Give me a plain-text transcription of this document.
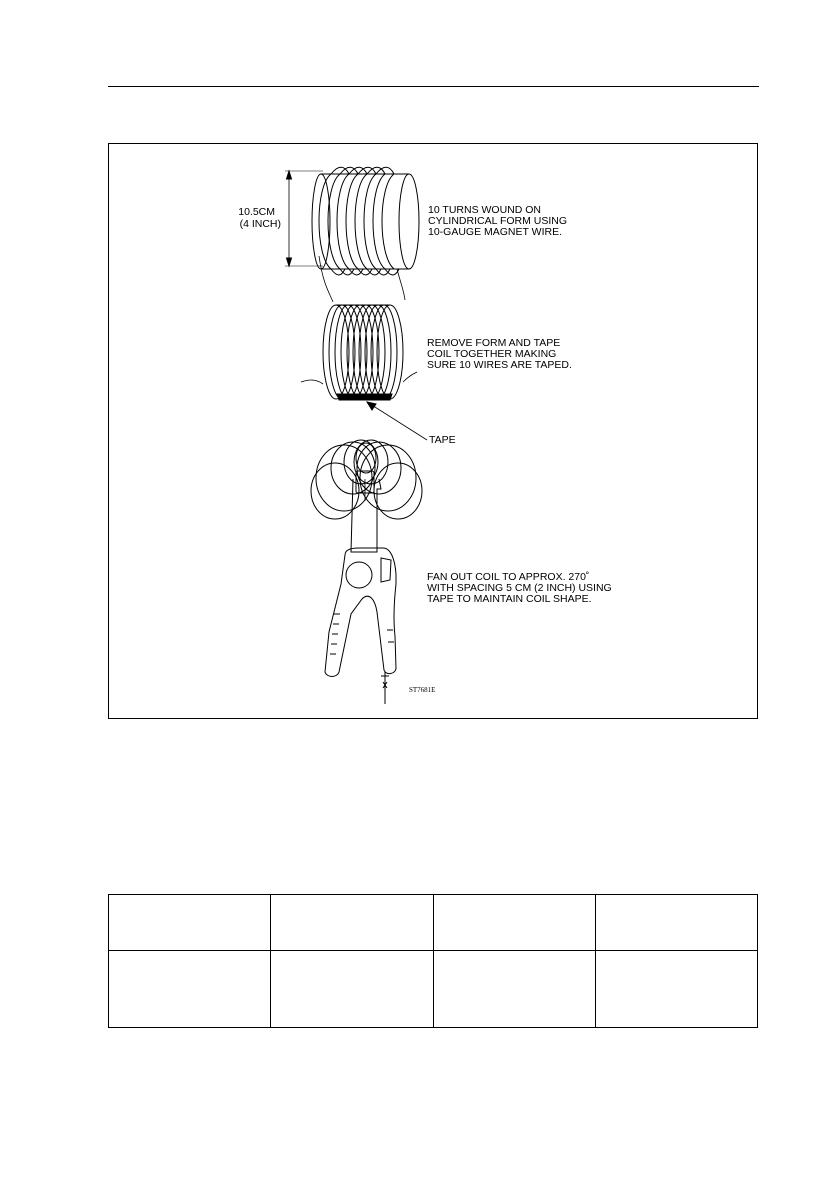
10.5CM
(4 INCH)
10 TURNS WOUND ON
CYLINDRICAL FORM USING
10-GAUGE MAGNET WIRE.
REMOVE FORM AND TAPE
COIL TOGETHER MAKING
SURE 10 WIRES ARE TAPED.
TAPE
FAN OUT COIL TO APPROX. 270˚
WITH SPACING 5 CM (2 INCH) USING
TAPE TO MAINTAIN COIL SHAPE.
ST7681E
